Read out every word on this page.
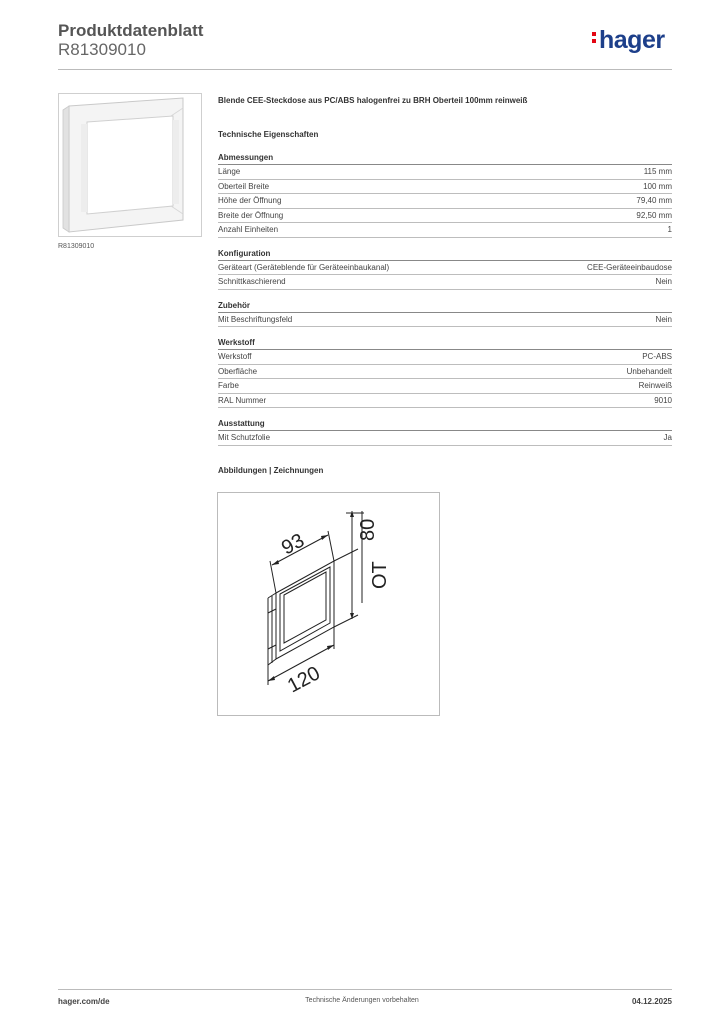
Produktdatenblatt
R81309010	hager
R81309010
Blende CEE-Steckdose aus PC/ABS halogenfrei zu BRH Oberteil 100mm reinweiß
Technische Eigenschaften
Abmessungen
Länge	115 mm
Oberteil Breite	100 mm
Höhe der Öffnung	79,40 mm
Breite der Öffnung	92,50 mm
Anzahl Einheiten	1
Konfiguration
Geräteart (Geräteblende für Geräteeinbaukanal)	CEE-Geräteeinbaudose
Schnittkaschierend	Nein
Zubehör
Mit Beschriftungsfeld	Nein
Werkstoff
Werkstoff	PC-ABS
Oberfläche	Unbehandelt
Farbe	Reinweiß
RAL Nummer	9010
Ausstattung
Mit Schutzfolie	Ja
Abbildungen | Zeichnungen
93 80
OT
120
hager.com/de	Technische Änderungen vorbehalten	04.12.2025
